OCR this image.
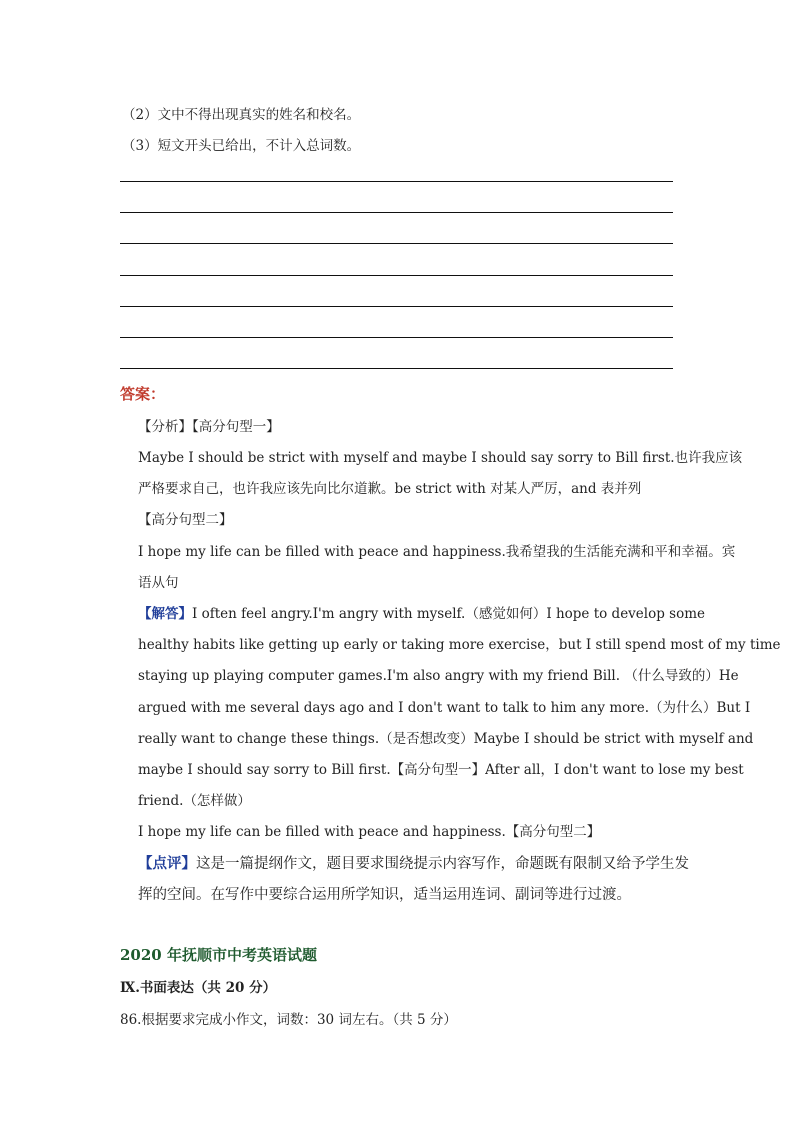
（2）文中不得出现真实的姓名和校名。
（3）短文开头已给出，不计入总词数。
答案：
【分析】【高分句型一】
Maybe I should be strict with myself and maybe I should say sorry to Bill first.也许我应该
严格要求自己，也许我应该先向比尔道歉。be strict with 对某人严厉，and 表并列
【高分句型二】
I hope my life can be filled with peace and happiness.我希望我的生活能充满和平和幸福。宾
语从句
【解答】I often feel angry.I'm angry with myself.（感觉如何）I hope to develop some
healthy habits like getting up early or taking more exercise，but I still spend most of my time
staying up playing computer games.I'm also angry with my friend Bill. （什么导致的）He
argued with me several days ago and I don't want to talk to him any more.（为什么）But I
really want to change these things.（是否想改变）Maybe I should be strict with myself and
maybe I should say sorry to Bill first.【高分句型一】After all，I don't want to lose my best
friend.（怎样做）
I hope my life can be filled with peace and happiness.【高分句型二】
【点评】这是一篇提纲作文，题目要求围绕提示内容写作，命题既有限制又给予学生发
挥的空间。在写作中要综合运用所学知识，适当运用连词、副词等进行过渡。
2020 年抚顺市中考英语试题
Ⅸ.书面表达（共 20 分）
86.根据要求完成小作文，词数：30 词左右。（共 5 分）
